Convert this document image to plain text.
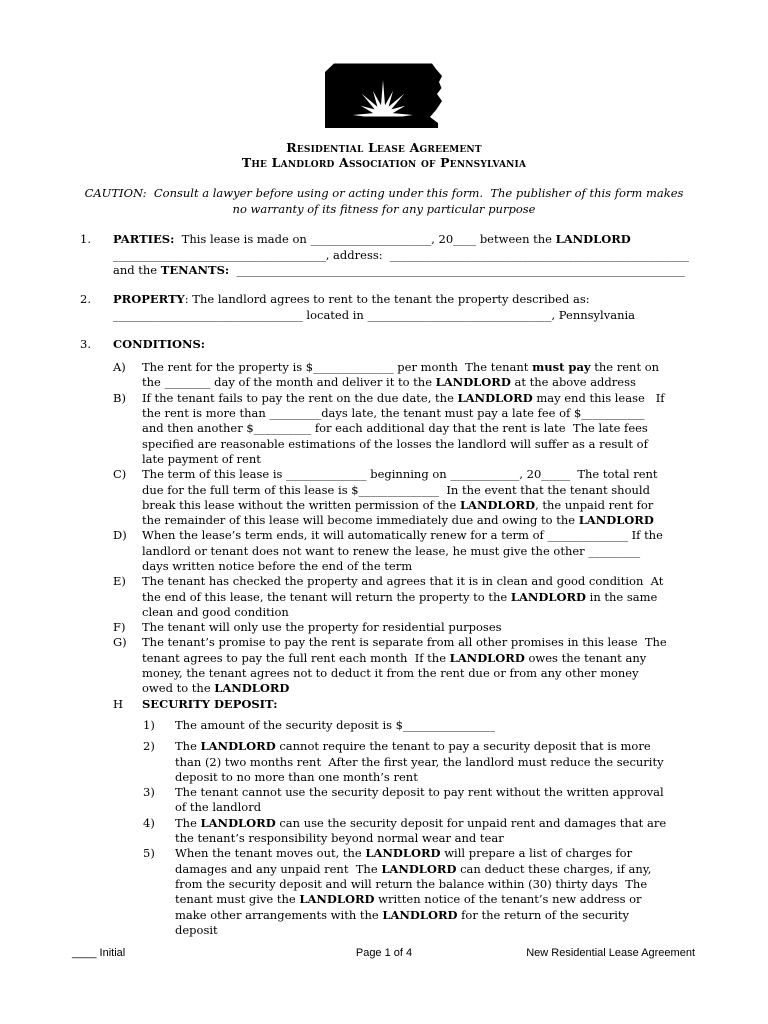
Residential Lease Agreement
The Landlord Association of Pennsylvania
CAUTION:  Consult a lawyer before using or acting under this form.  The publisher of this form makes
no warranty of its fitness for any particular purpose
1.	PARTIES:  This lease is made on _____________________, 20____ between the LANDLORD
_____________________________________, address:  ____________________________________________________
and the TENANTS:  ______________________________________________________________________________
2.	PROPERTY: The landlord agrees to rent to the tenant the property described as:
_________________________________ located in ________________________________, Pennsylvania
3.	CONDITIONS:
A)	The rent for the property is $______________ per month  The tenant must pay the rent on
the ________ day of the month and deliver it to the LANDLORD at the above address
B)	If the tenant fails to pay the rent on the due date, the LANDLORD may end this lease   If
the rent is more than _________days late, the tenant must pay a late fee of $___________
and then another $__________ for each additional day that the rent is late  The late fees
specified are reasonable estimations of the losses the landlord will suffer as a result of
late payment of rent
C)	The term of this lease is ______________ beginning on ____________, 20_____  The total rent
due for the full term of this lease is $______________  In the event that the tenant should
break this lease without the written permission of the LANDLORD, the unpaid rent for
the remainder of this lease will become immediately due and owing to the LANDLORD
D)	When the lease’s term ends, it will automatically renew for a term of ______________ If the
landlord or tenant does not want to renew the lease, he must give the other _________
days written notice before the end of the term
E)	The tenant has checked the property and agrees that it is in clean and good condition  At
the end of this lease, the tenant will return the property to the LANDLORD in the same
clean and good condition
F)	The tenant will only use the property for residential purposes
G)	The tenant’s promise to pay the rent is separate from all other promises in this lease  The
tenant agrees to pay the full rent each month  If the LANDLORD owes the tenant any
money, the tenant agrees not to deduct it from the rent due or from any other money
owed to the LANDLORD
H	SECURITY DEPOSIT:
1)	The amount of the security deposit is $________________
2)	The LANDLORD cannot require the tenant to pay a security deposit that is more
than (2) two months rent  After the first year, the landlord must reduce the security
deposit to no more than one month’s rent
3)	The tenant cannot use the security deposit to pay rent without the written approval
of the landlord
4)	The LANDLORD can use the security deposit for unpaid rent and damages that are
the tenant’s responsibility beyond normal wear and tear
5)	When the tenant moves out, the LANDLORD will prepare a list of charges for
damages and any unpaid rent  The LANDLORD can deduct these charges, if any,
from the security deposit and will return the balance within (30) thirty days  The
tenant must give the LANDLORD written notice of the tenant’s new address or
make other arrangements with the LANDLORD for the return of the security
deposit
____ Initial	Page 1 of 4	New Residential Lease Agreement
